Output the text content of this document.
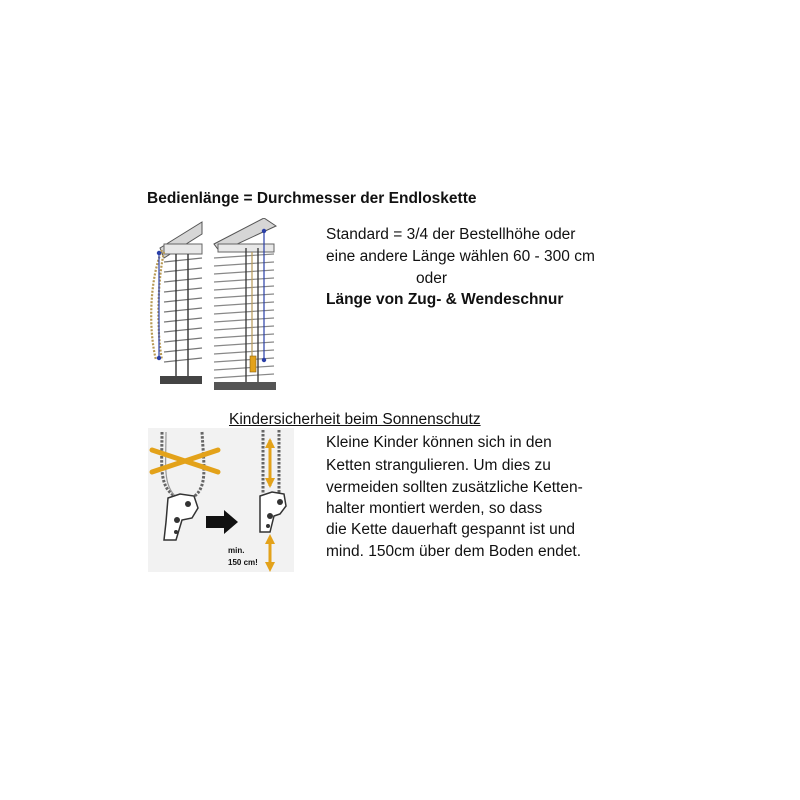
Bedienlänge = Durchmesser der Endloskette
Standard = 3/4 der Bestellhöhe oder
eine andere Länge wählen 60 - 300 cm
oder
Länge von Zug- & Wendeschnur
Kindersicherheit beim Sonnenschutz
Kleine Kinder können sich in den
Ketten strangulieren. Um dies zu
vermeiden sollten zusätzliche Ketten-
halter montiert werden, so dass
die Kette dauerhaft gespannt ist und
mind. 150cm über dem Boden endet.
min.
150 cm!
